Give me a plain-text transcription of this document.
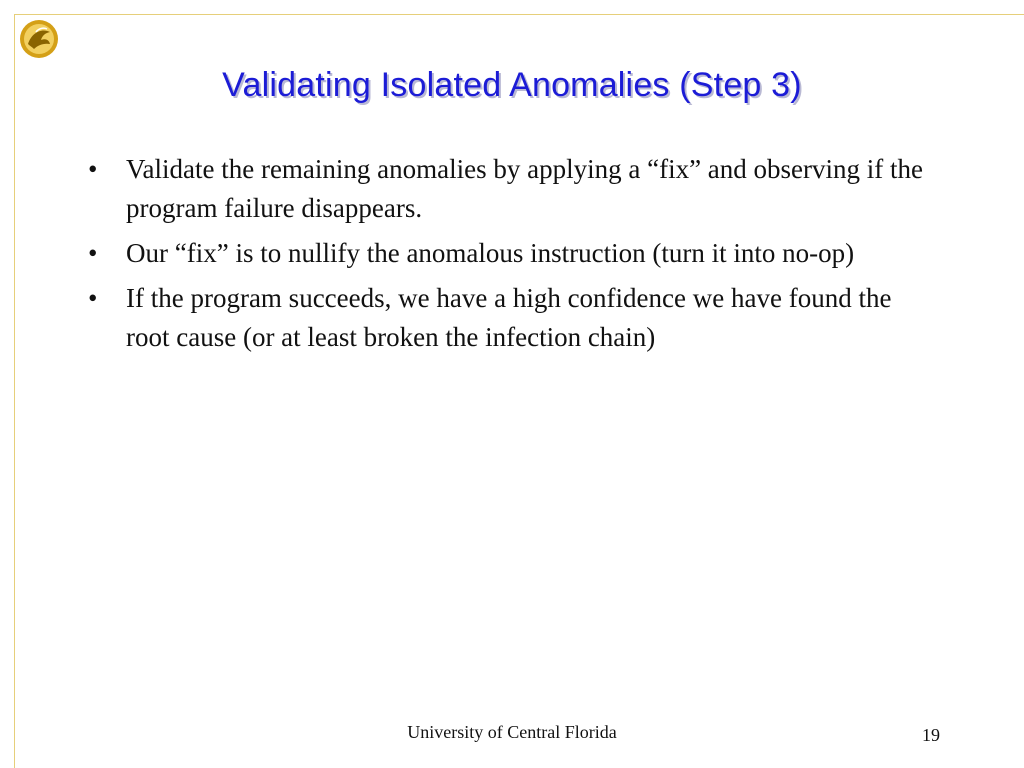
Validating Isolated Anomalies (Step 3)
• Validate the remaining anomalies by applying a “fix” and observing if the program failure disappears.
• Our “fix” is to nullify the anomalous instruction (turn it into no-op)
• If the program succeeds, we have a high confidence we have found the root cause (or at least broken the infection chain)
University of Central Florida	19
